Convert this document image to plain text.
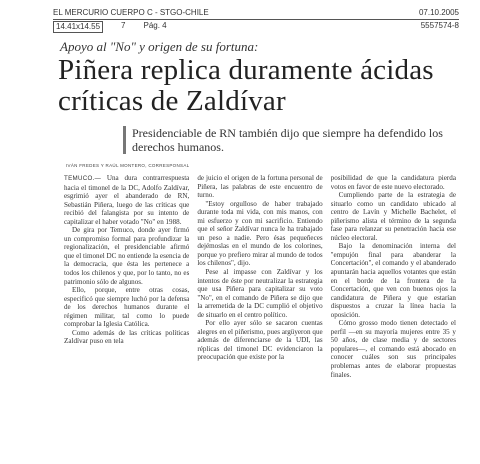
EL MERCURIO CUERPO C - STGO-CHILE	07.10.2005
14.41x14.55	7 Pág. 4	5557574-8
Apoyo al "No" y origen de su fortuna:
Piñera replica duramente ácidas críticas de Zaldívar
Presidenciable de RN también dijo que siempre ha defendido los derechos humanos.
IVÁN FREDES Y RAÚL MONTERO, CORRESPONSAL

TEMUCO.— Una dura contrarrespuesta hacia el timonel de la DC, Adolfo Zaldívar, esgrimió ayer el abanderado de RN, Sebastián Piñera, luego de las críticas que recibió del falangista por su intento de capitalizar el haber votado "No" en 1988.

De gira por Temuco, donde ayer firmó un compromiso formal para profundizar la regionalización, el presidenciable afirmó que el timonel DC no entiende la esencia de la democracia, que ésta les pertenece a todos los chilenos y que, por lo tanto, no es patrimonio sólo de algunos.

Ello, porque, entre otras cosas, especificó que siempre luchó por la defensa de los derechos humanos durante el régimen militar, tal como lo puede comprobar la Iglesia Católica.

Como además de las críticas políticas Zaldívar puso en tela

de juicio el origen de la fortuna personal de Piñera, las palabras de este encuentro de turno.

"Estoy orgulloso de haber trabajado durante toda mi vida, con mis manos, con mi esfuerzo y con mi sacrificio. Entiendo que el señor Zaldívar nunca le ha trabajado un peso a nadie. Pero ésas pequeñeces dejémoslas en el mundo de los colorines, porque yo prefiero mirar al mundo de todos los chilenos", dijo.

Pese al impasse con Zaldívar y los intentos de éste por neutralizar la estrategia que usa Piñera para capitalizar su voto "No", en el comando de Piñera se dijo que la arremetida de la DC cumplió el objetivo de situarlo en el centro político.

Por ello ayer sólo se sacaron cuentas alegres en el piñerismo, pues argüyeron que además de diferenciarse de la UDI, las réplicas del timonel DC evidenciaron la preocupación que existe por la

posibilidad de que la candidatura pierda votos en favor de este nuevo electorado.

Cumpliendo parte de la estrategia de situarlo como un candidato ubicado al centro de Lavín y Michelle Bachelet, el piñerismo alista el término de la segunda fase para relanzar su penetración hacia ese núcleo electoral.

Bajo la denominación interna del "empujón final para abanderar la Concertación", el comando y el abanderado apuntarán hacia aquellos votantes que están en el borde de la frontera de la Concertación, que ven con buenos ojos la candidatura de Piñera y que estarían dispuestos a cruzar la línea hacia la oposición.

Cómo grosso modo tienen detectado el perfil —en su mayoría mujeres entre 35 y 50 años, de clase media y de sectores populares—, el comando está abocado en conocer cuáles son sus principales problemas antes de elaborar propuestas finales.
